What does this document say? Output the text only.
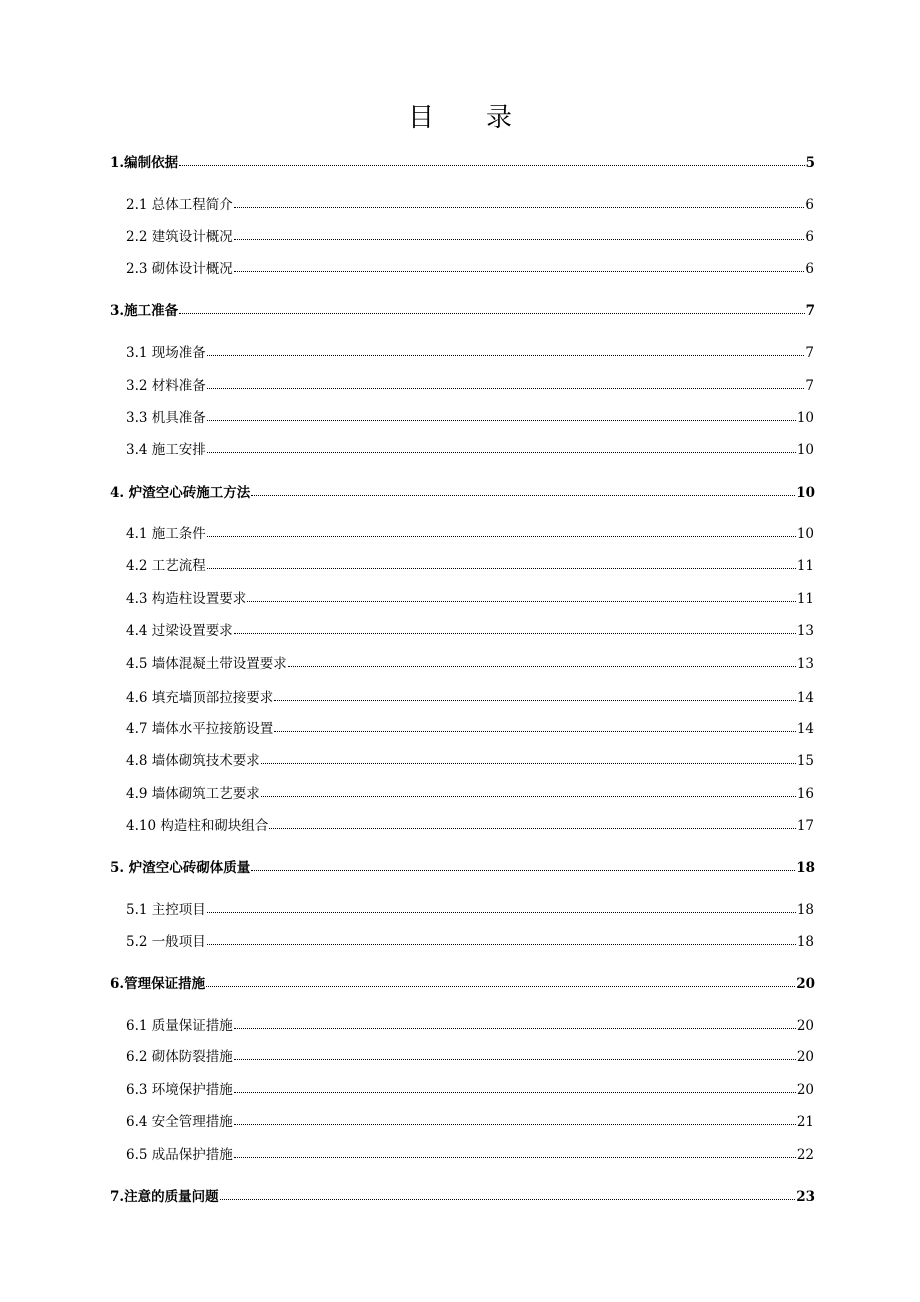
目 录
1.编制依据	5
2.1 总体工程简介	6
2.2 建筑设计概况	6
2.3 砌体设计概况	6
3.施工准备	7
3.1 现场准备	7
3.2 材料准备	7
3.3 机具准备	10
3.4 施工安排	10
4. 炉渣空心砖施工方法	10
4.1 施工条件	10
4.2 工艺流程	11
4.3 构造柱设置要求	11
4.4 过梁设置要求	13
4.5 墙体混凝土带设置要求	13
4.6 填充墙顶部拉接要求	14
4.7 墙体水平拉接筋设置	14
4.8 墙体砌筑技术要求	15
4.9 墙体砌筑工艺要求	16
4.10 构造柱和砌块组合	17
5. 炉渣空心砖砌体质量	18
5.1 主控项目	18
5.2 一般项目	18
6.管理保证措施	20
6.1 质量保证措施	20
6.2 砌体防裂措施	20
6.3 环境保护措施	20
6.4 安全管理措施	21
6.5 成品保护措施	22
7.注意的质量问题	23
